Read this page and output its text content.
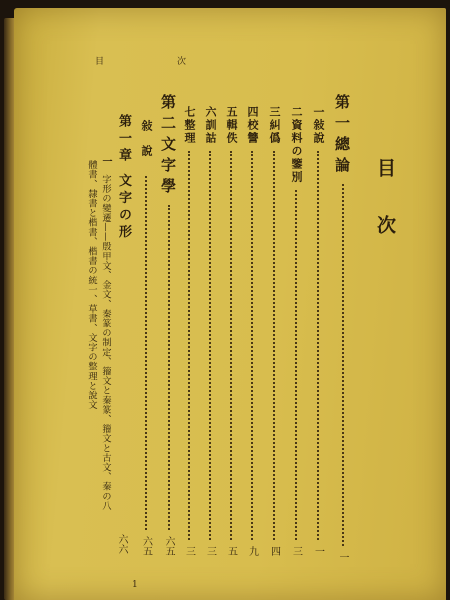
目	次
目次
第一總論
一
一敍說
一
二資料の鑒別
三
三糾僞
四
四校讐
九
五輯佚
五
六訓詁
三
七整理
三
第二文字學
六五
敍說
六五
第一章 文字の形
一字形の變遷——殷甲文、金文、秦篆の制定、籀文と秦篆、籀文と古文、秦の八
體書、隸書と楷書、楷書の統一、草書、文字の整理と說文
六六
1
